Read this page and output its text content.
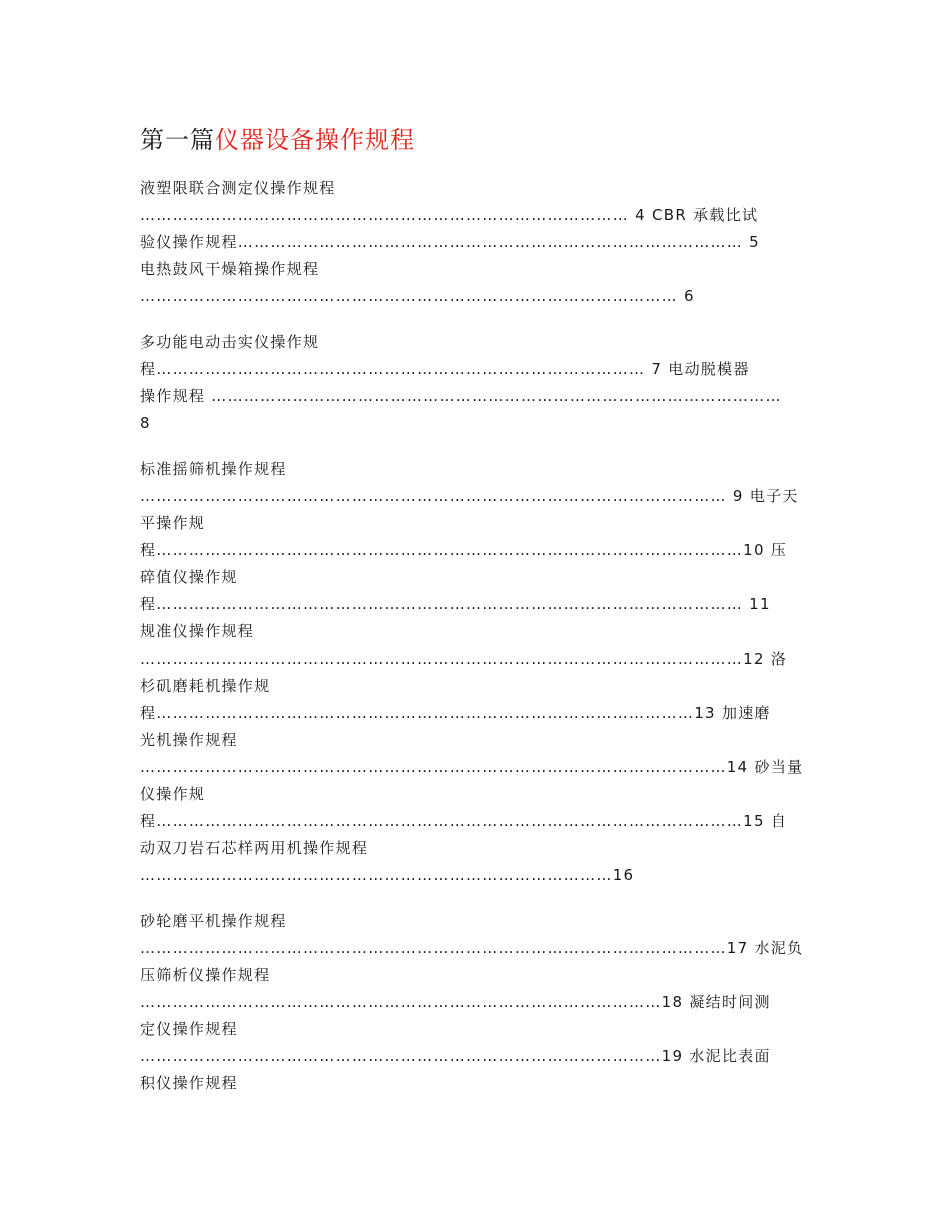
第一篇仪器设备操作规程
液塑限联合测定仪操作规程
……………………………………………………………………………… 4 CBR 承载比试
验仪操作规程………………………………………………………………………………… 5
电热鼓风干燥箱操作规程
……………………………………………………………………………………… 6
多功能电动击实仪操作规
程……………………………………………………………………………… 7 电动脱模器
操作规程 ……………………………………………………………………………………………
8
标准摇筛机操作规程
……………………………………………………………………………………………… 9 电子天
平操作规
程………………………………………………………………………………………………10 压
碎值仪操作规
程……………………………………………………………………………………………… 11
规准仪操作规程
…………………………………………………………………………………………………12 洛
杉矶磨耗机操作规
程………………………………………………………………………………………13 加速磨
光机操作规程
………………………………………………………………………………………………14 砂当量
仪操作规
程………………………………………………………………………………………………15 自
动双刀岩石芯样两用机操作规程
……………………………………………………………………………16
砂轮磨平机操作规程
………………………………………………………………………………………………17 水泥负
压筛析仪操作规程
……………………………………………………………………………………18 凝结时间测
定仪操作规程
……………………………………………………………………………………19 水泥比表面
积仪操作规程
